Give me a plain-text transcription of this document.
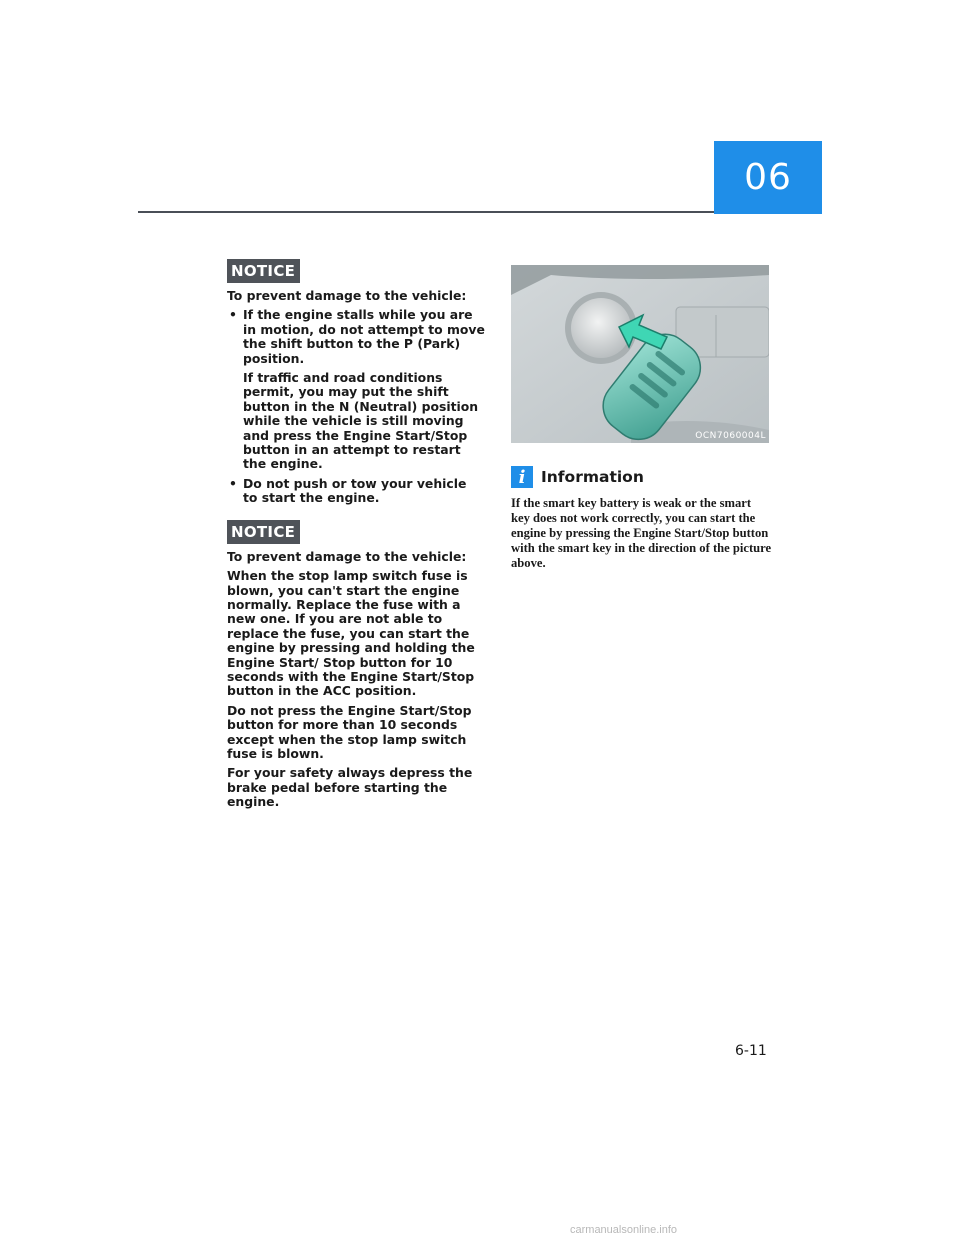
06
NOTICE

To prevent damage to the vehicle:

• If the engine stalls while you are in motion, do not attempt to move the shift button to the P (Park) position.

If traffic and road conditions permit, you may put the shift button in the N (Neutral) position while the vehicle is still moving and press the Engine Start/Stop button in an attempt to restart the engine.

• Do not push or tow your vehicle to start the engine.

NOTICE

To prevent damage to the vehicle:

When the stop lamp switch fuse is blown, you can't start the engine normally. Replace the fuse with a new one. If you are not able to replace the fuse, you can start the engine by pressing and holding the Engine Start/ Stop button for 10 seconds with the Engine Start/Stop button in the ACC position.

Do not press the Engine Start/Stop button for more than 10 seconds except when the stop lamp switch fuse is blown.

For your safety always depress the brake pedal before starting the engine.

OCN7060004L
i	Information
If the smart key battery is weak or the smart key does not work correctly, you can start the engine by pressing the Engine Start/Stop button with the smart key in the direction of the picture above.
6-11
carmanualsonline.info
